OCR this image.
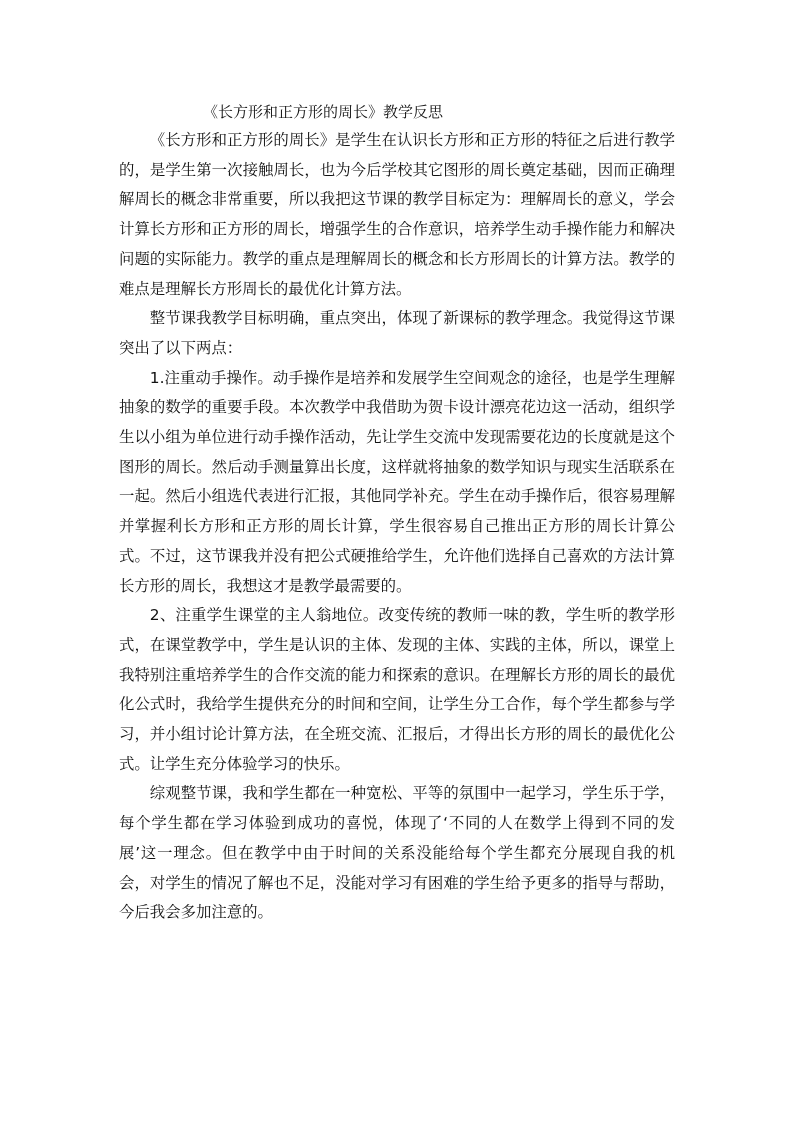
《长方形和正方形的周长》教学反思

《长方形和正方形的周长》是学生在认识长方形和正方形的特征之后进行教学的，是学生第一次接触周长，也为今后学校其它图形的周长奠定基础，因而正确理解周长的概念非常重要，所以我把这节课的教学目标定为：理解周长的意义，学会计算长方形和正方形的周长，增强学生的合作意识，培养学生动手操作能力和解决问题的实际能力。教学的重点是理解周长的概念和长方形周长的计算方法。教学的难点是理解长方形周长的最优化计算方法。

整节课我教学目标明确，重点突出，体现了新课标的教学理念。我觉得这节课突出了以下两点：

1.注重动手操作。动手操作是培养和发展学生空间观念的途径，也是学生理解抽象的数学的重要手段。本次教学中我借助为贺卡设计漂亮花边这一活动，组织学生以小组为单位进行动手操作活动，先让学生交流中发现需要花边的长度就是这个图形的周长。然后动手测量算出长度，这样就将抽象的数学知识与现实生活联系在一起。然后小组选代表进行汇报，其他同学补充。学生在动手操作后，很容易理解并掌握利长方形和正方形的周长计算，学生很容易自己推出正方形的周长计算公式。不过，这节课我并没有把公式硬推给学生，允许他们选择自己喜欢的方法计算长方形的周长，我想这才是教学最需要的。

2、注重学生课堂的主人翁地位。改变传统的教师一味的教，学生听的教学形式，在课堂教学中，学生是认识的主体、发现的主体、实践的主体，所以，课堂上我特别注重培养学生的合作交流的能力和探索的意识。在理解长方形的周长的最优化公式时，我给学生提供充分的时间和空间，让学生分工合作，每个学生都参与学习，并小组讨论计算方法，在全班交流、汇报后，才得出长方形的周长的最优化公式。让学生充分体验学习的快乐。

综观整节课，我和学生都在一种宽松、平等的氛围中一起学习，学生乐于学，每个学生都在学习体验到成功的喜悦，体现了‘不同的人在数学上得到不同的发展’这一理念。但在教学中由于时间的关系没能给每个学生都充分展现自我的机会，对学生的情况了解也不足，没能对学习有困难的学生给予更多的指导与帮助，今后我会多加注意的。
